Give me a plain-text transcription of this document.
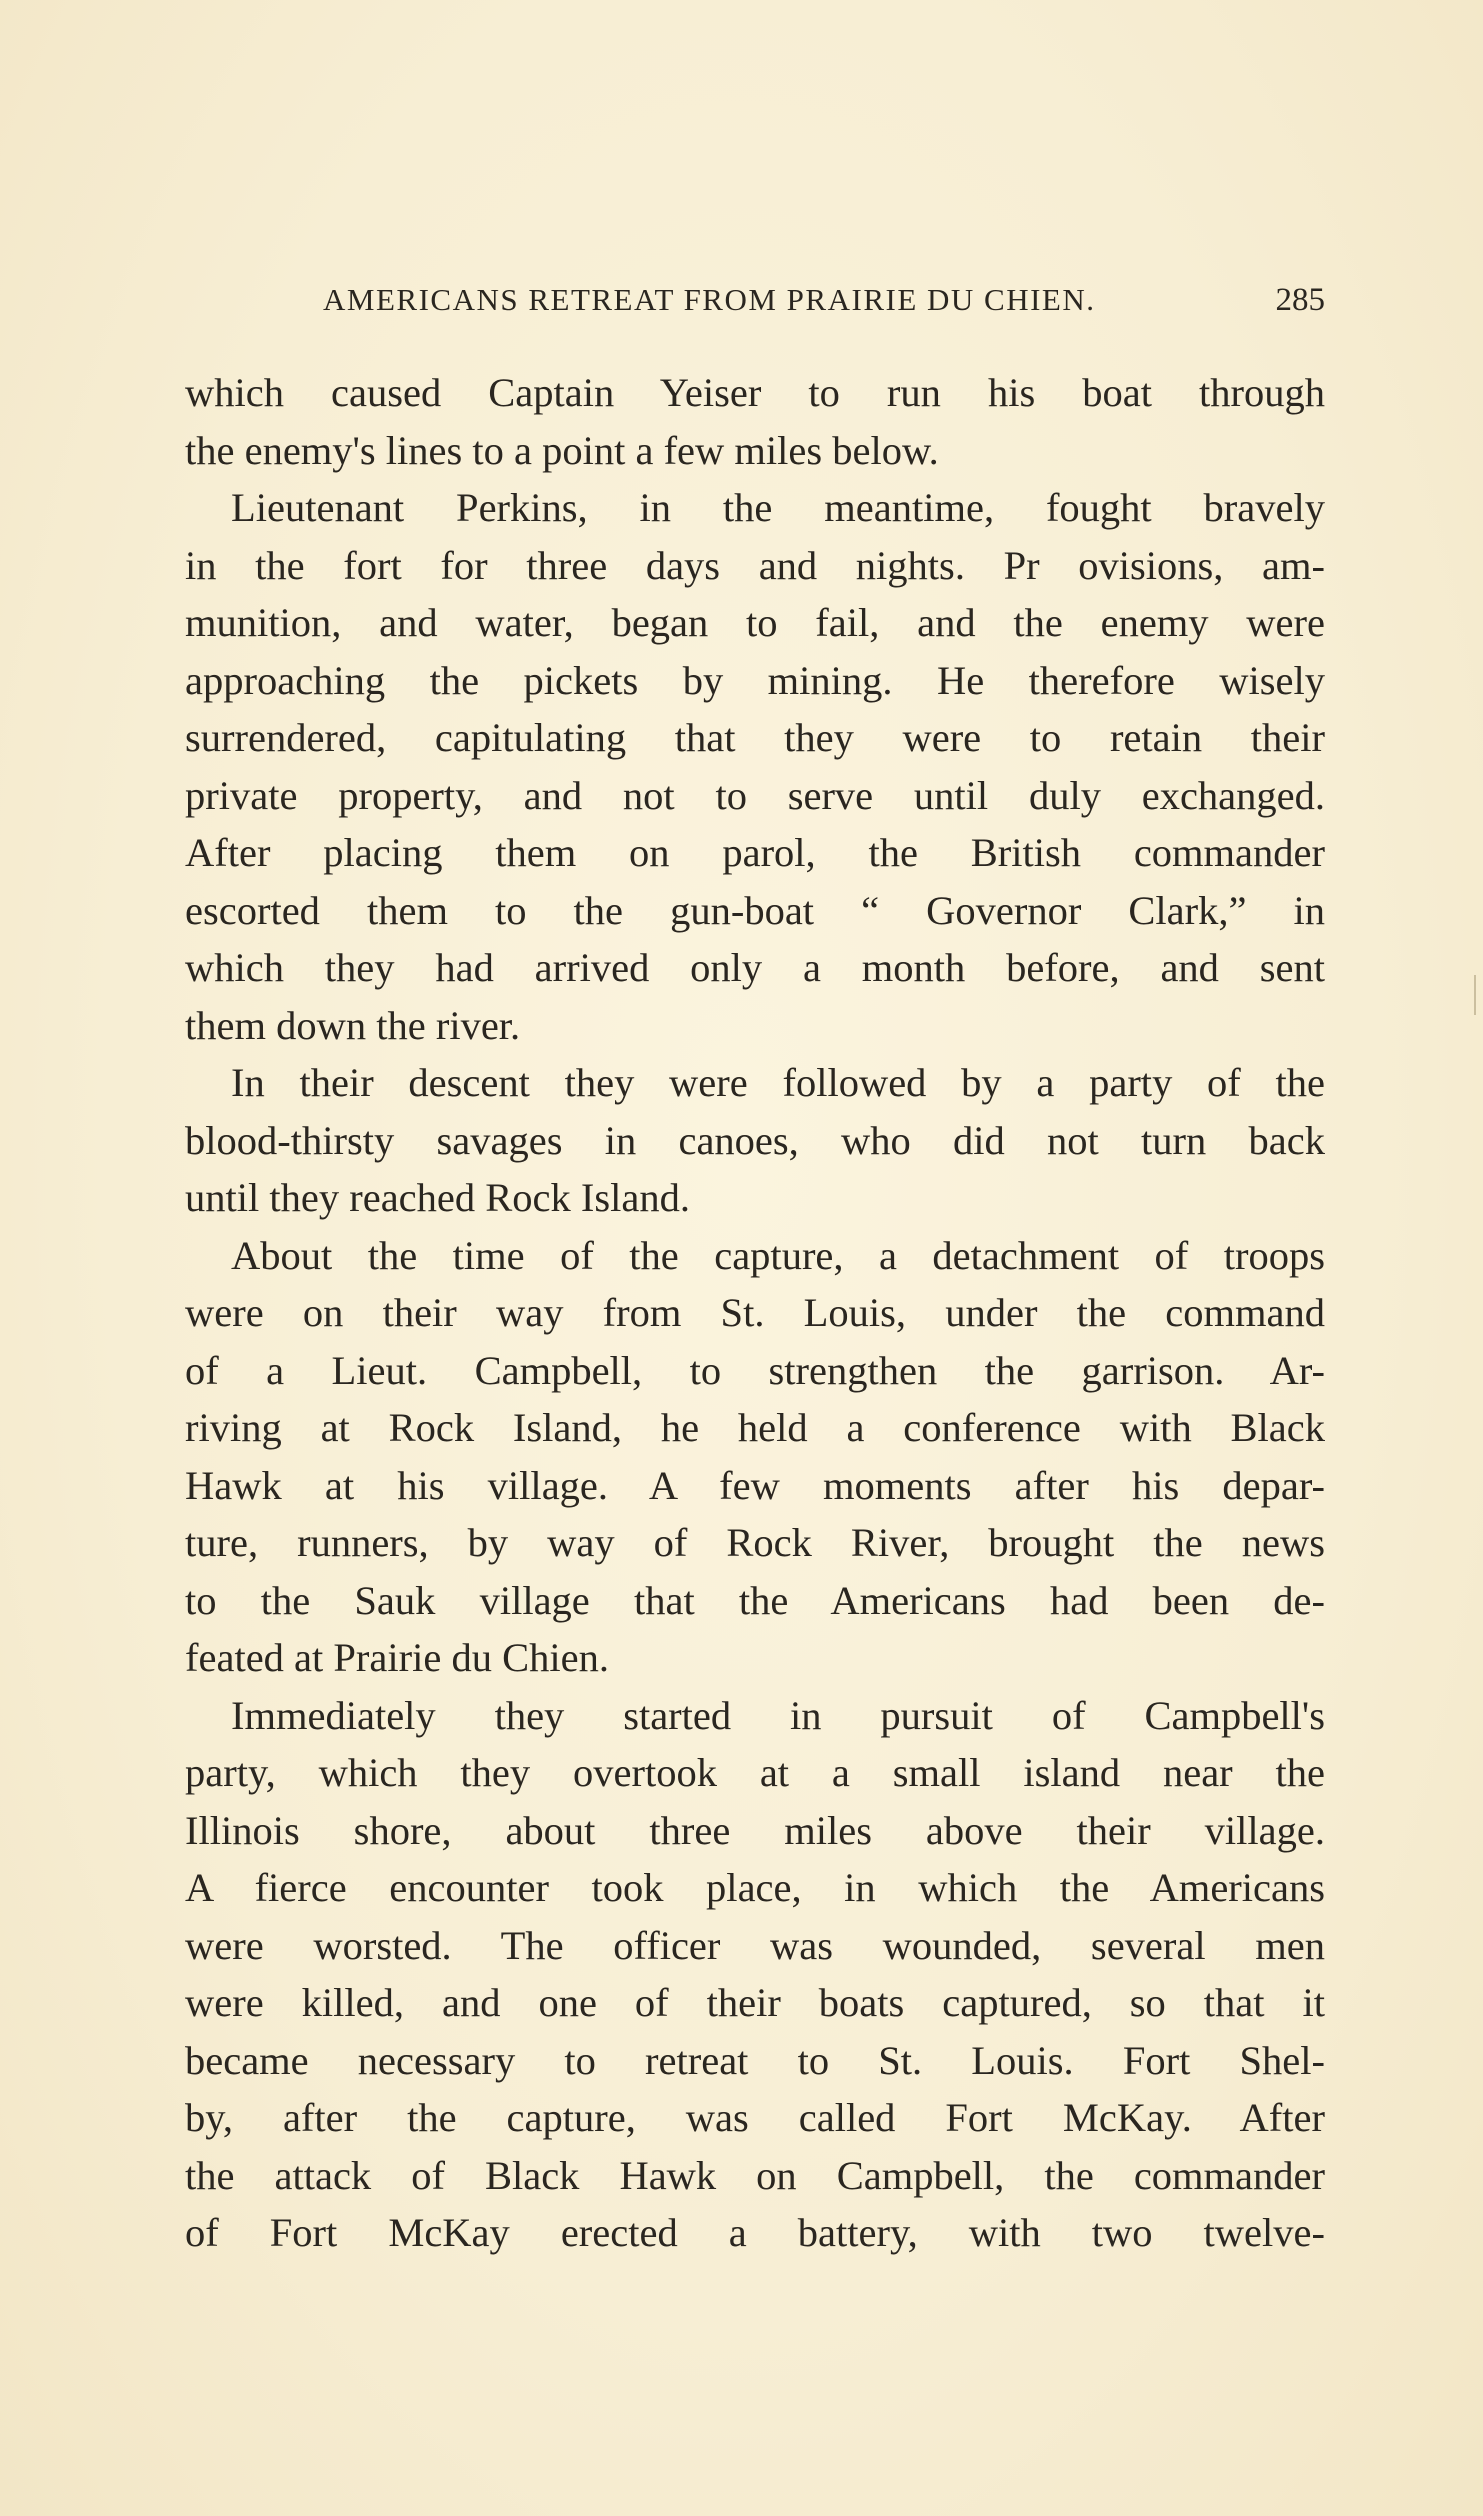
AMERICANS RETREAT FROM PRAIRIE DU CHIEN.	285
which caused Captain Yeiser to run his boat through
the enemy's lines to a point a few miles below.
Lieutenant Perkins, in the meantime, fought bravely
in the fort for three days and nights. Pr ovisions, am-
munition, and water, began to fail, and the enemy were
approaching the pickets by mining. He therefore wisely
surrendered, capitulating that they were to retain their
private property, and not to serve until duly exchanged.
After placing them on parol, the British commander
escorted them to the gun-boat “ Governor Clark,” in
which they had arrived only a month before, and sent
them down the river.
In their descent they were followed by a party of the
blood-thirsty savages in canoes, who did not turn back
until they reached Rock Island.
About the time of the capture, a detachment of troops
were on their way from St. Louis, under the command
of a Lieut. Campbell, to strengthen the garrison. Ar-
riving at Rock Island, he held a conference with Black
Hawk at his village. A few moments after his depar-
ture, runners, by way of Rock River, brought the news
to the Sauk village that the Americans had been de-
feated at Prairie du Chien.
Immediately they started in pursuit of Campbell's
party, which they overtook at a small island near the
Illinois shore, about three miles above their village.
A fierce encounter took place, in which the Americans
were worsted. The officer was wounded, several men
were killed, and one of their boats captured, so that it
became necessary to retreat to St. Louis. Fort Shel-
by, after the capture, was called Fort McKay. After
the attack of Black Hawk on Campbell, the commander
of Fort McKay erected a battery, with two twelve-
